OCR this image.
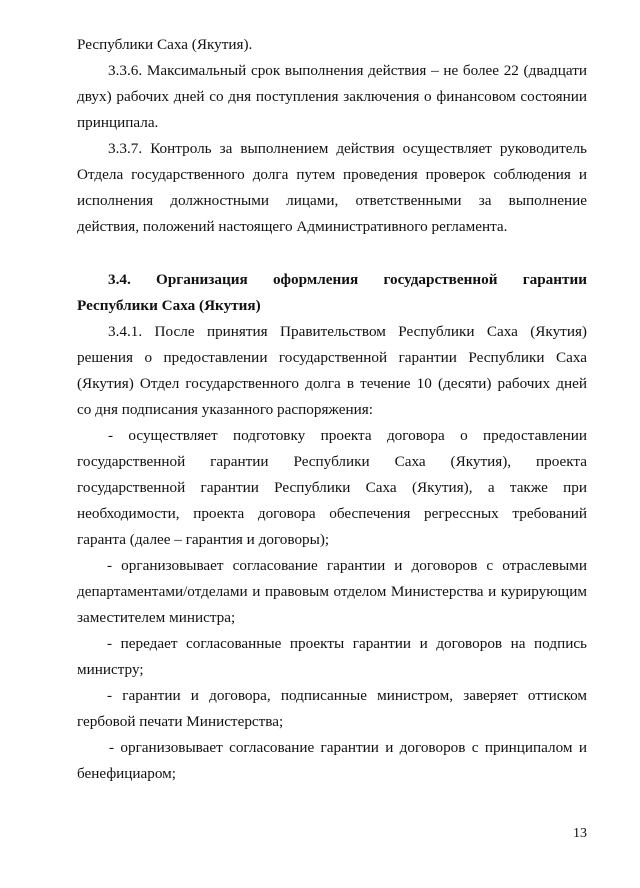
Республики Саха (Якутия).
3.3.6. Максимальный срок выполнения действия – не более 22 (двадцати
двух) рабочих дней со дня поступления заключения о финансовом состоянии
принципала.
3.3.7. Контроль за выполнением действия осуществляет руководитель
Отдела государственного долга путем проведения проверок соблюдения и
исполнения должностными лицами, ответственными за выполнение
действия, положений настоящего Административного регламента.
3.4. Организация оформления государственной гарантии
Республики Саха (Якутия)
3.4.1. После принятия Правительством Республики Саха (Якутия)
решения о предоставлении государственной гарантии Республики Саха
(Якутия) Отдел государственного долга в течение 10 (десяти) рабочих дней
со дня подписания указанного распоряжения:
- осуществляет подготовку проекта договора о предоставлении
государственной гарантии Республики Саха (Якутия), проекта
государственной гарантии Республики Саха (Якутия), а также при
необходимости, проекта договора обеспечения регрессных требований
гаранта (далее – гарантия и договоры);
- организовывает согласование гарантии и договоров с отраслевыми
департаментами/отделами и правовым отделом Министерства и курирующим
заместителем министра;
- передает согласованные проекты гарантии и договоров на подпись
министру;
- гарантии и договора, подписанные министром, заверяет оттиском
гербовой печати Министерства;
- организовывает согласование гарантии и договоров с принципалом и
бенефициаром;
13
